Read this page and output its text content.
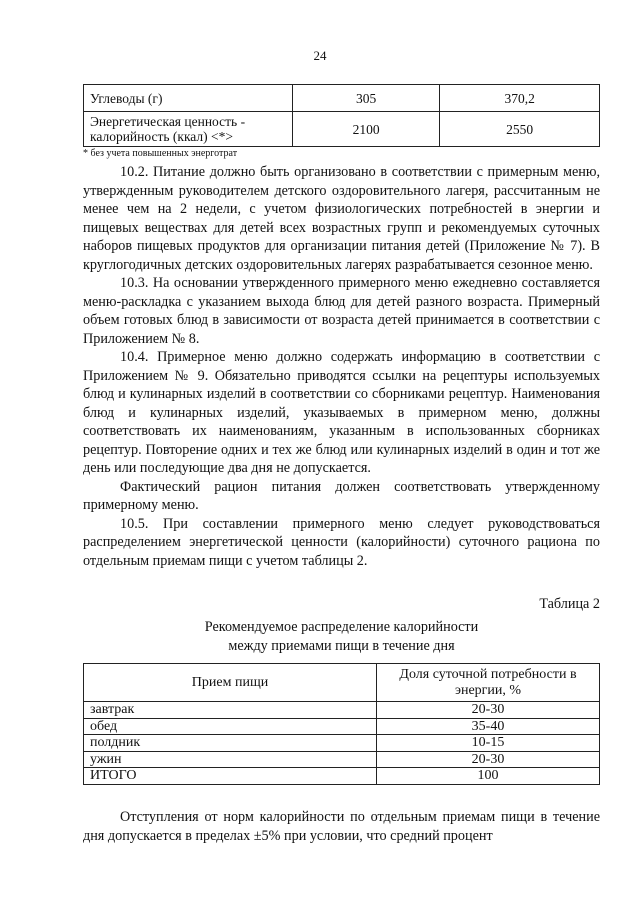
24
Углеводы (г)	305	370,2
Энергетическая ценность - калорийность (ккал) <*>	2100	2550
* без учета повышенных энерготрат

10.2. Питание должно быть организовано в соответствии с примерным меню, утвержденным руководителем детского оздоровительного лагеря, рассчитанным не менее чем на 2 недели, с учетом физиологических потребностей в энергии и пищевых веществах для детей всех возрастных групп и рекомендуемых суточных наборов пищевых продуктов для организации питания детей (Приложение № 7). В круглогодичных детских оздоровительных лагерях разрабатывается сезонное меню.

10.3. На основании утвержденного примерного меню ежедневно составляется меню-раскладка с указанием выхода блюд для детей разного возраста. Примерный объем готовых блюд в зависимости от возраста детей принимается в соответствии с Приложением № 8.

10.4. Примерное меню должно содержать информацию в соответствии с Приложением № 9. Обязательно приводятся ссылки на рецептуры используемых блюд и кулинарных изделий в соответствии со сборниками рецептур. Наименования блюд и кулинарных изделий, указываемых в примерном меню, должны соответствовать их наименованиям, указанным в использованных сборниках рецептур. Повторение одних и тех же блюд или кулинарных изделий в один и тот же день или последующие два дня не допускается.

Фактический рацион питания должен соответствовать утвержденному примерному меню.

10.5. При составлении примерного меню следует руководствоваться распределением энергетической ценности (калорийности) суточного рациона по отдельным приемам пищи с учетом таблицы 2.

Таблица 2
Рекомендуемое распределение калорийности
между приемами пищи в течение дня
Прием пищи	Доля суточной потребности в энергии, %
завтрак	20-30
обед	35-40
полдник	10-15
ужин	20-30
ИТОГО	100

Отступления от норм калорийности по отдельным приемам пищи в течение дня допускается в пределах ±5% при условии, что средний процент
